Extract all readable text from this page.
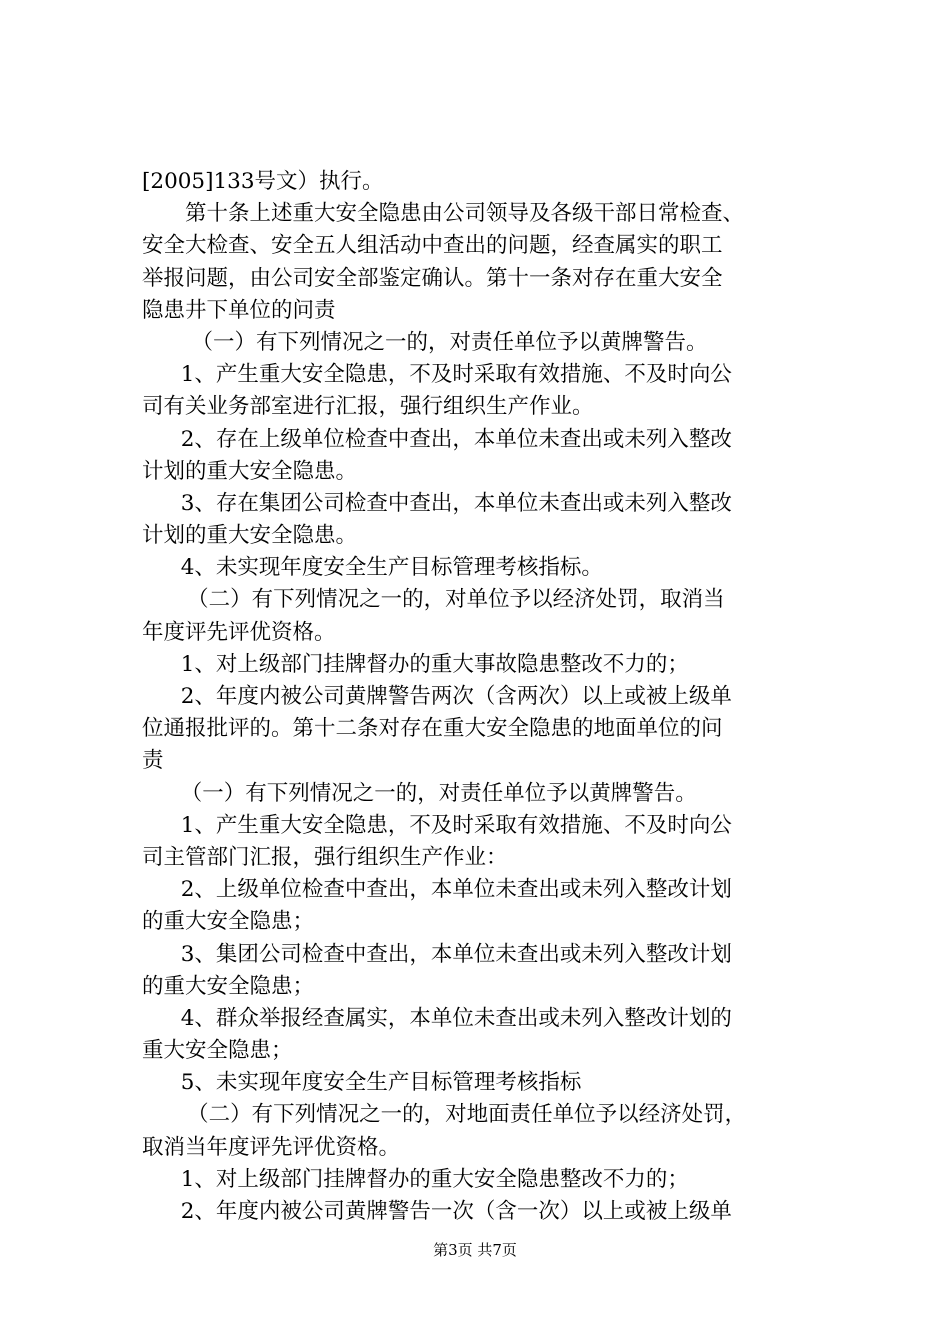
[2005]133号文）执行。
第十条上述重大安全隐患由公司领导及各级干部日常检查、
安全大检查、安全五人组活动中查出的问题，经查属实的职工
举报问题，由公司安全部鉴定确认。第十一条对存在重大安全
隐患井下单位的问责
（一）有下列情况之一的，对责任单位予以黄牌警告。
1、产生重大安全隐患，不及时采取有效措施、不及时向公
司有关业务部室进行汇报，强行组织生产作业。
2、存在上级单位检查中查出，本单位未查出或未列入整改
计划的重大安全隐患。
3、存在集团公司检查中查出，本单位未查出或未列入整改
计划的重大安全隐患。
4、未实现年度安全生产目标管理考核指标。
（二）有下列情况之一的，对单位予以经济处罚，取消当
年度评先评优资格。
1、对上级部门挂牌督办的重大事故隐患整改不力的；
2、年度内被公司黄牌警告两次（含两次）以上或被上级单
位通报批评的。第十二条对存在重大安全隐患的地面单位的问
责
（一）有下列情况之一的，对责任单位予以黄牌警告。
1、产生重大安全隐患，不及时采取有效措施、不及时向公
司主管部门汇报，强行组织生产作业：
2、上级单位检查中查出，本单位未查出或未列入整改计划
的重大安全隐患；
3、集团公司检查中查出，本单位未查出或未列入整改计划
的重大安全隐患；
4、群众举报经查属实，本单位未查出或未列入整改计划的
重大安全隐患；
5、未实现年度安全生产目标管理考核指标
（二）有下列情况之一的，对地面责任单位予以经济处罚，
取消当年度评先评优资格。
1、对上级部门挂牌督办的重大安全隐患整改不力的；
2、年度内被公司黄牌警告一次（含一次）以上或被上级单
第3页 共7页
